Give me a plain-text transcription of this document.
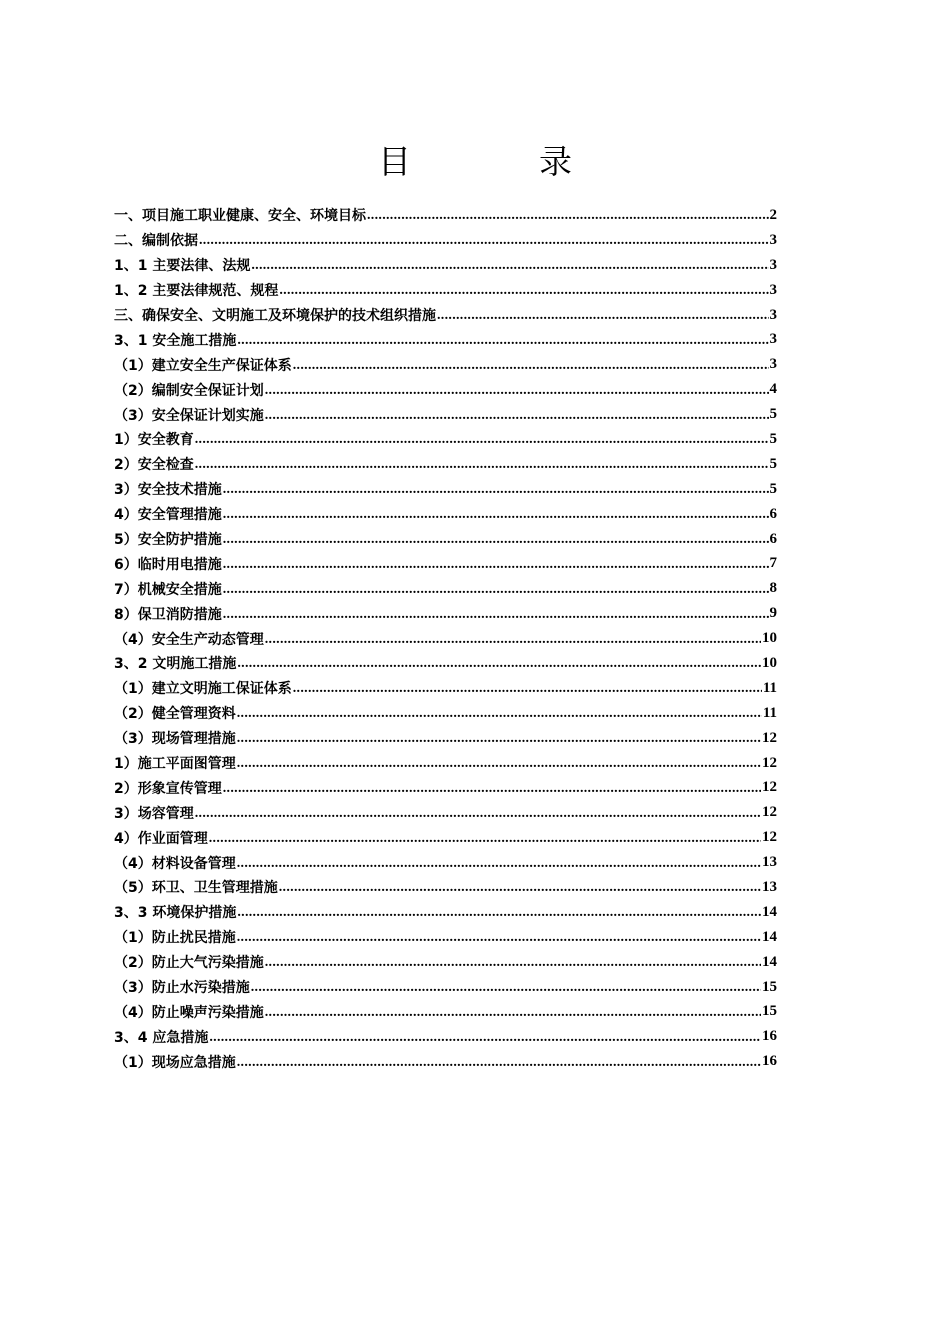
目	录
一、项目施工职业健康、安全、环境目标 .....	2
二、编制依据 .....	3
1、1 主要法律、法规 .....	3
1、2 主要法律规范、规程 .....	3
三、确保安全、文明施工及环境保护的技术组织措施 .....	3
3、1 安全施工措施 .....	3
（1）建立安全生产保证体系 .....	3
（2）编制安全保证计划 .....	4
（3）安全保证计划实施 .....	5
1）安全教育 .....	5
2）安全检查 .....	5
3）安全技术措施 .....	5
4）安全管理措施 .....	6
5）安全防护措施 .....	6
6）临时用电措施 .....	7
7）机械安全措施 .....	8
8）保卫消防措施 .....	9
（4）安全生产动态管理 .....	10
3、2 文明施工措施 .....	10
（1）建立文明施工保证体系 .....	11
（2）健全管理资料 .....	11
（3）现场管理措施 .....	12
1）施工平面图管理 .....	12
2）形象宣传管理 .....	12
3）场容管理 .....	12
4）作业面管理 .....	12
（4）材料设备管理 .....	13
（5）环卫、卫生管理措施 .....	13
3、3 环境保护措施 .....	14
（1）防止扰民措施 .....	14
（2）防止大气污染措施 .....	14
（3）防止水污染措施 .....	15
（4）防止噪声污染措施 .....	15
3、4 应急措施 .....	16
（1）现场应急措施 .....	16
